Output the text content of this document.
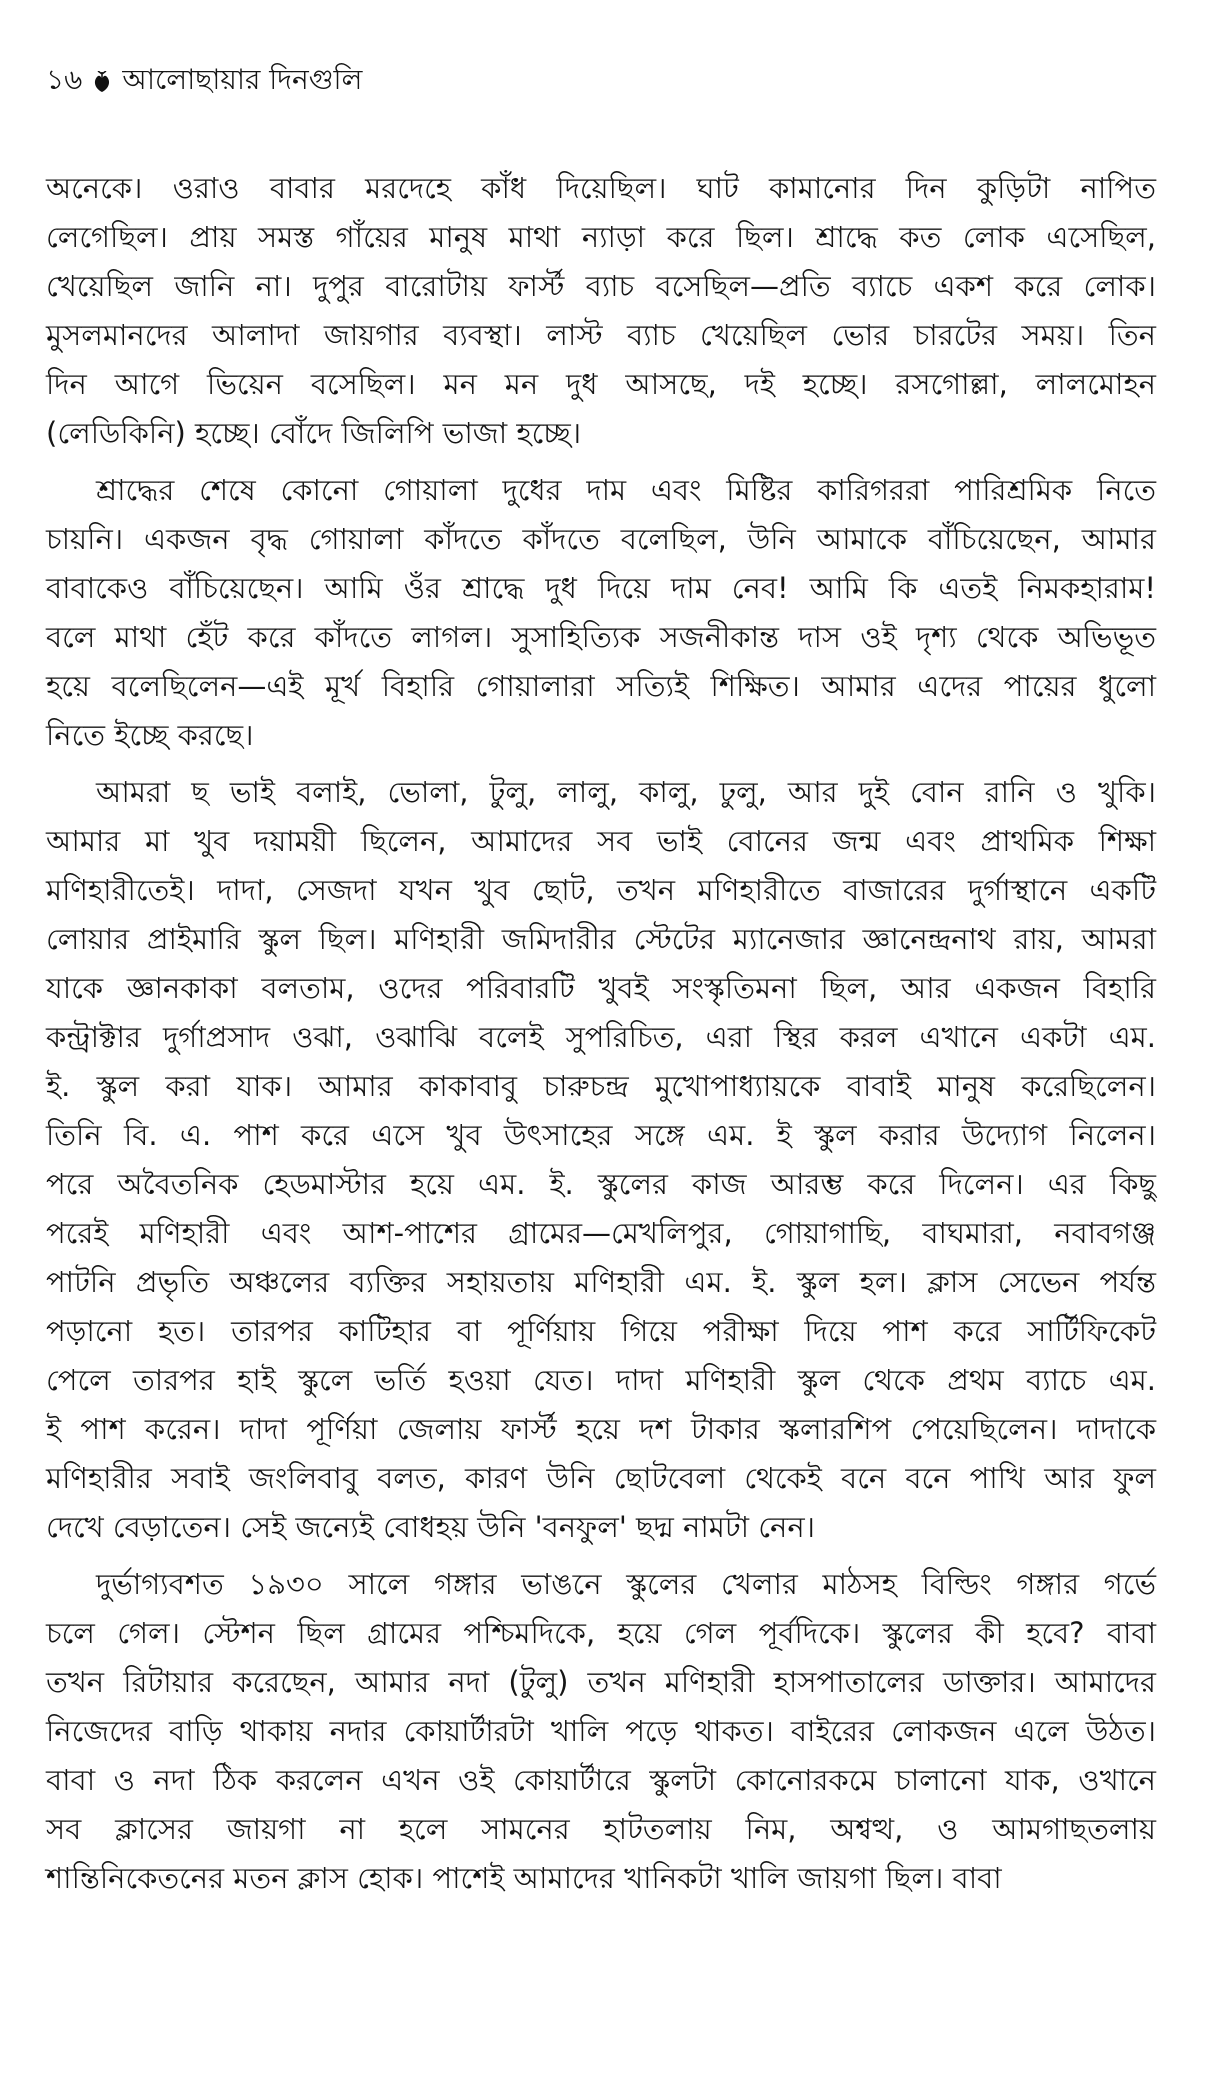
১৬ আলোছায়ার দিনগুলি
অনেকে। ওরাও বাবার মরদেহে কাঁধ দিয়েছিল। ঘাট কামানোর দিন কুড়িটা নাপিত
লেগেছিল। প্রায় সমস্ত গাঁয়ের মানুষ মাথা ন্যাড়া করে ছিল। শ্রাদ্ধে কত লোক এসেছিল,
খেয়েছিল জানি না। দুপুর বারোটায় ফার্স্ট ব্যাচ বসেছিল—প্রতি ব্যাচে একশ করে লোক।
মুসলমানদের আলাদা জায়গার ব্যবস্থা। লাস্ট ব্যাচ খেয়েছিল ভোর চারটের সময়। তিন
দিন আগে ভিয়েন বসেছিল। মন মন দুধ আসছে, দই হচ্ছে। রসগোল্লা, লালমোহন
(লেডিকিনি) হচ্ছে। বোঁদে জিলিপি ভাজা হচ্ছে।
শ্রাদ্ধের শেষে কোনো গোয়ালা দুধের দাম এবং মিষ্টির কারিগররা পারিশ্রমিক নিতে
চায়নি। একজন বৃদ্ধ গোয়ালা কাঁদতে কাঁদতে বলেছিল, উনি আমাকে বাঁচিয়েছেন, আমার
বাবাকেও বাঁচিয়েছেন। আমি ওঁর শ্রাদ্ধে দুধ দিয়ে দাম নেব! আমি কি এতই নিমকহারাম!
বলে মাথা হেঁট করে কাঁদতে লাগল। সুসাহিত্যিক সজনীকান্ত দাস ওই দৃশ্য থেকে অভিভূত
হয়ে বলেছিলেন—এই মূর্খ বিহারি গোয়ালারা সত্যিই শিক্ষিত। আমার এদের পায়ের ধুলো
নিতে ইচ্ছে করছে।
আমরা ছ ভাই বলাই, ভোলা, টুলু, লালু, কালু, ঢুলু, আর দুই বোন রানি ও খুকি।
আমার মা খুব দয়াময়ী ছিলেন, আমাদের সব ভাই বোনের জন্ম এবং প্রাথমিক শিক্ষা
মণিহারীতেই। দাদা, সেজদা যখন খুব ছোট, তখন মণিহারীতে বাজারের দুর্গাস্থানে একটি
লোয়ার প্রাইমারি স্কুল ছিল। মণিহারী জমিদারীর স্টেটের ম্যানেজার জ্ঞানেন্দ্রনাথ রায়, আমরা
যাকে জ্ঞানকাকা বলতাম, ওদের পরিবারটি খুবই সংস্কৃতিমনা ছিল, আর একজন বিহারি
কন্ট্রাক্টার দুর্গাপ্রসাদ ওঝা, ওঝাঝি বলেই সুপরিচিত, এরা স্থির করল এখানে একটা এম.
ই. স্কুল করা যাক। আমার কাকাবাবু চারুচন্দ্র মুখোপাধ্যায়কে বাবাই মানুষ করেছিলেন।
তিনি বি. এ. পাশ করে এসে খুব উৎসাহের সঙ্গে এম. ই স্কুল করার উদ্যোগ নিলেন।
পরে অবৈতনিক হেডমাস্টার হয়ে এম. ই. স্কুলের কাজ আরম্ভ করে দিলেন। এর কিছু
পরেই মণিহারী এবং আশ-পাশের গ্রামের—মেখলিপুর, গোয়াগাছি, বাঘমারা, নবাবগঞ্জ
পাটনি প্রভৃতি অঞ্চলের ব্যক্তির সহায়তায় মণিহারী এম. ই. স্কুল হল। ক্লাস সেভেন পর্যন্ত
পড়ানো হত। তারপর কাটিহার বা পূর্ণিয়ায় গিয়ে পরীক্ষা দিয়ে পাশ করে সার্টিফিকেট
পেলে তারপর হাই স্কুলে ভর্তি হওয়া যেত। দাদা মণিহারী স্কুল থেকে প্রথম ব্যাচে এম.
ই পাশ করেন। দাদা পূর্ণিয়া জেলায় ফার্স্ট হয়ে দশ টাকার স্কলারশিপ পেয়েছিলেন। দাদাকে
মণিহারীর সবাই জংলিবাবু বলত, কারণ উনি ছোটবেলা থেকেই বনে বনে পাখি আর ফুল
দেখে বেড়াতেন। সেই জন্যেই বোধহয় উনি 'বনফুল' ছদ্ম নামটা নেন।
দুর্ভাগ্যবশত ১৯৩০ সালে গঙ্গার ভাঙনে স্কুলের খেলার মাঠসহ বিল্ডিং গঙ্গার গর্ভে
চলে গেল। স্টেশন ছিল গ্রামের পশ্চিমদিকে, হয়ে গেল পূর্বদিকে। স্কুলের কী হবে? বাবা
তখন রিটায়ার করেছেন, আমার নদা (টুলু) তখন মণিহারী হাসপাতালের ডাক্তার। আমাদের
নিজেদের বাড়ি থাকায় নদার কোয়ার্টারটা খালি পড়ে থাকত। বাইরের লোকজন এলে উঠত।
বাবা ও নদা ঠিক করলেন এখন ওই কোয়ার্টারে স্কুলটা কোনোরকমে চালানো যাক, ওখানে
সব ক্লাসের জায়গা না হলে সামনের হাটতলায় নিম, অশ্বত্থ, ও আমগাছতলায়
শান্তিনিকেতনের মতন ক্লাস হোক। পাশেই আমাদের খানিকটা খালি জায়গা ছিল। বাবা
